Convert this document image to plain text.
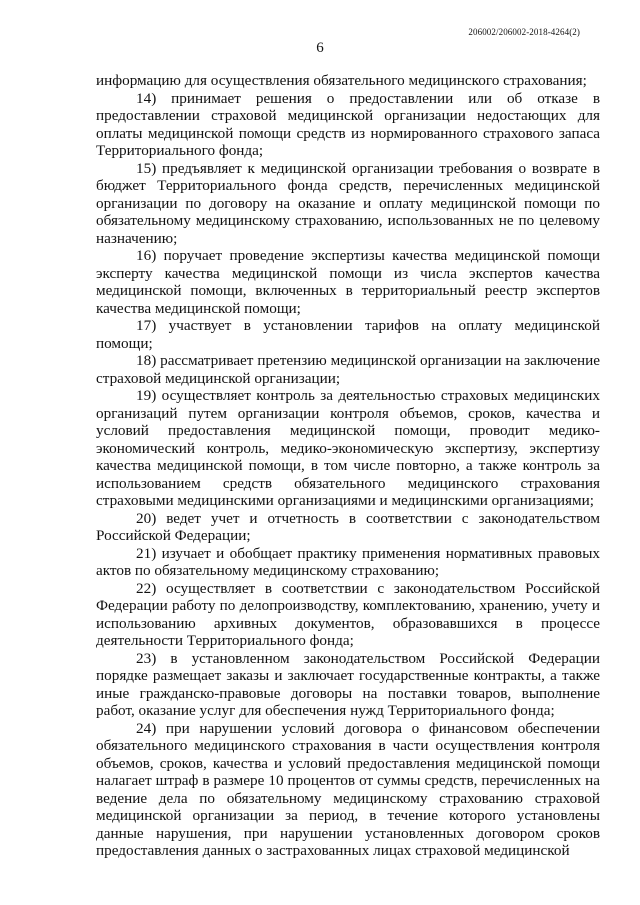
206002/206002-2018-4264(2)
6

информацию для осуществления обязательного медицинского страхования;

14) принимает решения о предоставлении или об отказе в предоставлении страховой медицинской организации недостающих для оплаты медицинской помощи средств из нормированного страхового запаса Территориального фонда;

15) предъявляет к медицинской организации требования о возврате в бюджет Территориального фонда средств, перечисленных медицинской организации по договору на оказание и оплату медицинской помощи по обязательному медицинскому страхованию, использованных не по целевому назначению;

16) поручает проведение экспертизы качества медицинской помощи эксперту качества медицинской помощи из числа экспертов качества медицинской помощи, включенных в территориальный реестр экспертов качества медицинской помощи;

17) участвует в установлении тарифов на оплату медицинской помощи;

18) рассматривает претензию медицинской организации на заключение страховой медицинской организации;

19) осуществляет контроль за деятельностью страховых медицинских организаций путем организации контроля объемов, сроков, качества и условий предоставления медицинской помощи, проводит медико-экономический контроль, медико-экономическую экспертизу, экспертизу качества медицинской помощи, в том числе повторно, а также контроль за использованием средств обязательного медицинского страхования страховыми медицинскими организациями и медицинскими организациями;

20) ведет учет и отчетность в соответствии с законодательством Российской Федерации;

21) изучает и обобщает практику применения нормативных правовых актов по обязательному медицинскому страхованию;

22) осуществляет в соответствии с законодательством Российской Федерации работу по делопроизводству, комплектованию, хранению, учету и использованию архивных документов, образовавшихся в процессе деятельности Территориального фонда;

23) в установленном законодательством Российской Федерации порядке размещает заказы и заключает государственные контракты, а также иные гражданско-правовые договоры на поставки товаров, выполнение работ, оказание услуг для обеспечения нужд Территориального фонда;

24) при нарушении условий договора о финансовом обеспечении обязательного медицинского страхования в части осуществления контроля объемов, сроков, качества и условий предоставления медицинской помощи налагает штраф в размере 10 процентов от суммы средств, перечисленных на ведение дела по обязательному медицинскому страхованию страховой медицинской организации за период, в течение которого установлены данные нарушения, при нарушении установленных договором сроков предоставления данных о застрахованных лицах страховой медицинской
